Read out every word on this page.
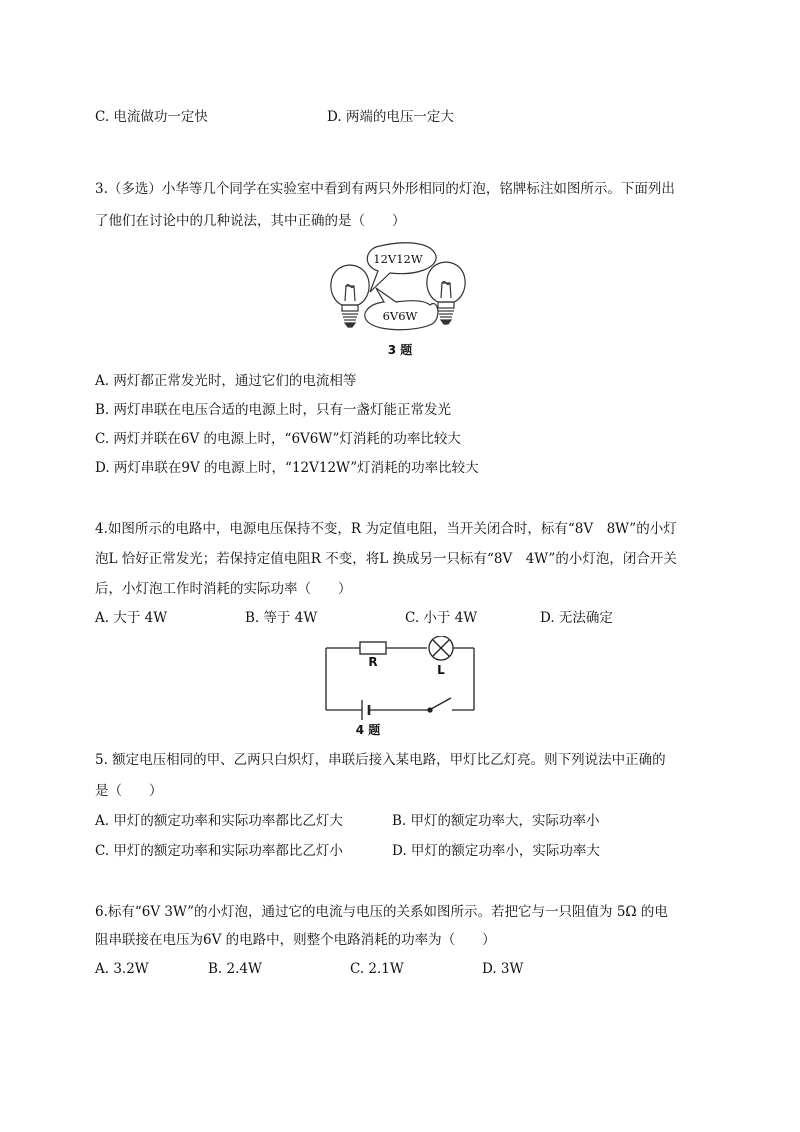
C. 电流做功一定快	D. 两端的电压一定大
3.（多选）小华等几个同学在实验室中看到有两只外形相同的灯泡，铭牌标注如图所示。下面列出
了他们在讨论中的几种说法，其中正确的是（　　）
12V12W
6V6W
3 题
A. 两灯都正常发光时，通过它们的电流相等
B. 两灯串联在电压合适的电源上时，只有一盏灯能正常发光
C. 两灯并联在6V 的电源上时，“6V6W”灯消耗的功率比较大
D. 两灯串联在9V 的电源上时，“12V12W”灯消耗的功率比较大
4.如图所示的电路中，电源电压保持不变，R 为定值电阻，当开关闭合时，标有“8V　8W”的小灯
泡L 恰好正常发光；若保持定值电阻R 不变，将L 换成另一只标有“8V　4W”的小灯泡，闭合开关
后，小灯泡工作时消耗的实际功率（　　）
A. 大于 4W	B. 等于 4W	C. 小于 4W	D. 无法确定
R
L
4 题
5. 额定电压相同的甲、乙两只白炽灯，串联后接入某电路，甲灯比乙灯亮。则下列说法中正确的
是（　　）
A. 甲灯的额定功率和实际功率都比乙灯大	B. 甲灯的额定功率大，实际功率小
C. 甲灯的额定功率和实际功率都比乙灯小	D. 甲灯的额定功率小，实际功率大
6.标有“6V 3W”的小灯泡，通过它的电流与电压的关系如图所示。若把它与一只阻值为 5Ω 的电
阻串联接在电压为6V 的电路中，则整个电路消耗的功率为（　　）
A. 3.2W	B. 2.4W	C. 2.1W	D. 3W
